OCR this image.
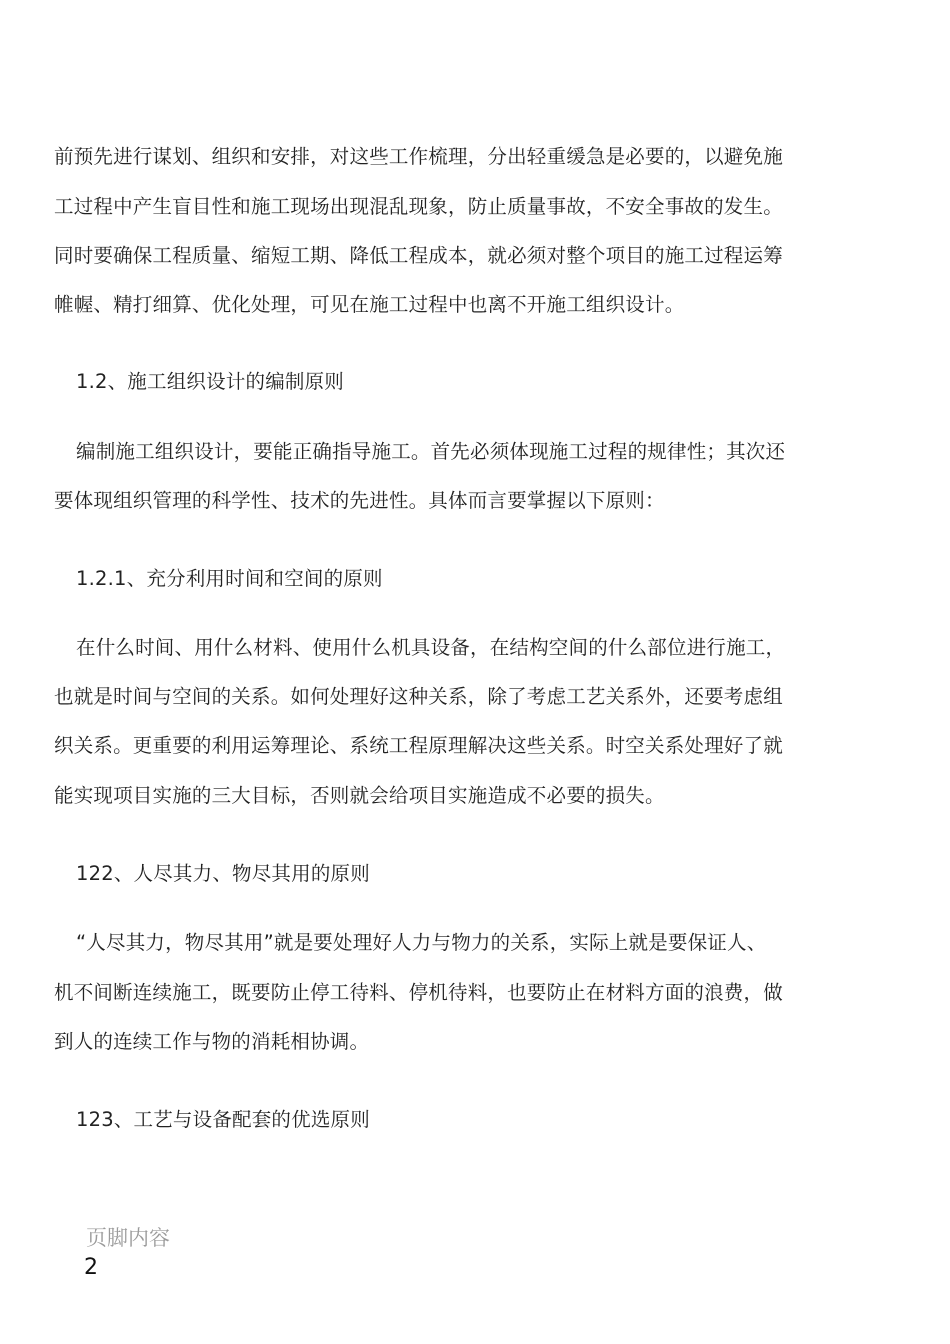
前预先进行谋划、组织和安排，对这些工作梳理，分出轻重缓急是必要的，以避免施
工过程中产生盲目性和施工现场出现混乱现象，防止质量事故，不安全事故的发生。
同时要确保工程质量、缩短工期、降低工程成本，就必须对整个项目的施工过程运筹
帷幄、精打细算、优化处理，可见在施工过程中也离不开施工组织设计。
1.2、施工组织设计的编制原则
编制施工组织设计，要能正确指导施工。首先必须体现施工过程的规律性；其次还
要体现组织管理的科学性、技术的先进性。具体而言要掌握以下原则：
1.2.1、充分利用时间和空间的原则
在什么时间、用什么材料、使用什么机具设备，在结构空间的什么部位进行施工，
也就是时间与空间的关系。如何处理好这种关系，除了考虑工艺关系外，还要考虑组
织关系。更重要的利用运筹理论、系统工程原理解决这些关系。时空关系处理好了就
能实现项目实施的三大目标，否则就会给项目实施造成不必要的损失。
122、人尽其力、物尽其用的原则
“人尽其力，物尽其用”就是要处理好人力与物力的关系，实际上就是要保证人、
机不间断连续施工，既要防止停工待料、停机待料，也要防止在材料方面的浪费，做
到人的连续工作与物的消耗相协调。
123、工艺与设备配套的优选原则
页脚内容
2
